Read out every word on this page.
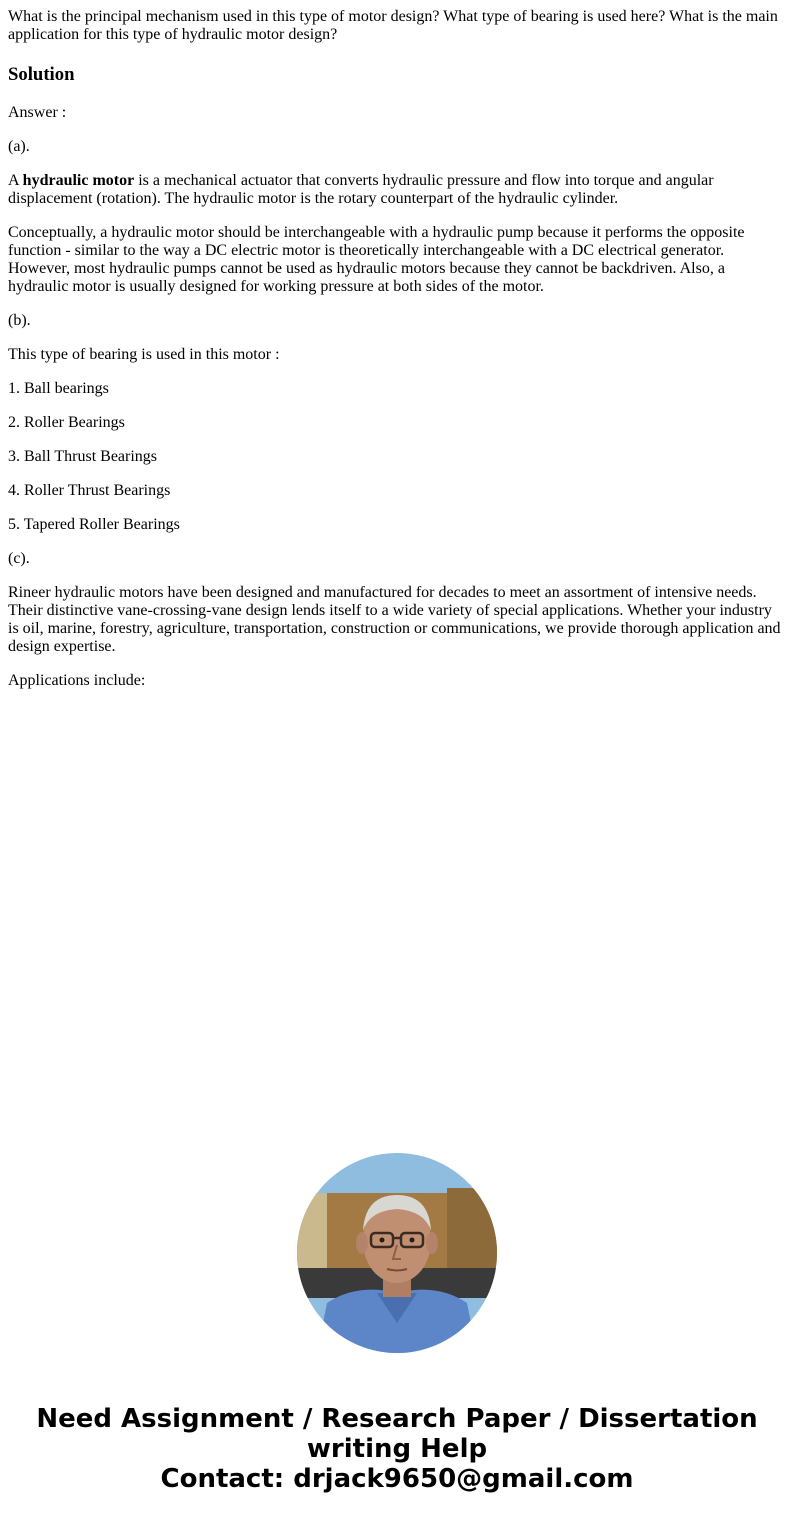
What is the principal mechanism used in this type of motor design? What type of bearing is used here? What is the main application for this type of hydraulic motor design?

Solution

Answer :

(a).

A hydraulic motor is a mechanical actuator that converts hydraulic pressure and flow into torque and angular displacement (rotation). The hydraulic motor is the rotary counterpart of the hydraulic cylinder.

Conceptually, a hydraulic motor should be interchangeable with a hydraulic pump because it performs the opposite function - similar to the way a DC electric motor is theoretically interchangeable with a DC electrical generator. However, most hydraulic pumps cannot be used as hydraulic motors because they cannot be backdriven. Also, a hydraulic motor is usually designed for working pressure at both sides of the motor.

(b).

This type of bearing is used in this motor :

1. Ball bearings

2. Roller Bearings

3. Ball Thrust Bearings

4. Roller Thrust Bearings

5. Tapered Roller Bearings

(c).

Rineer hydraulic motors have been designed and manufactured for decades to meet an assortment of intensive needs. Their distinctive vane-crossing-vane design lends itself to a wide variety of special applications. Whether your industry is oil, marine, forestry, agriculture, transportation, construction or communications, we provide thorough application and design expertise.

Applications include:

Need Assignment / Research Paper / Dissertation
writing Help
Contact: drjack9650@gmail.com
